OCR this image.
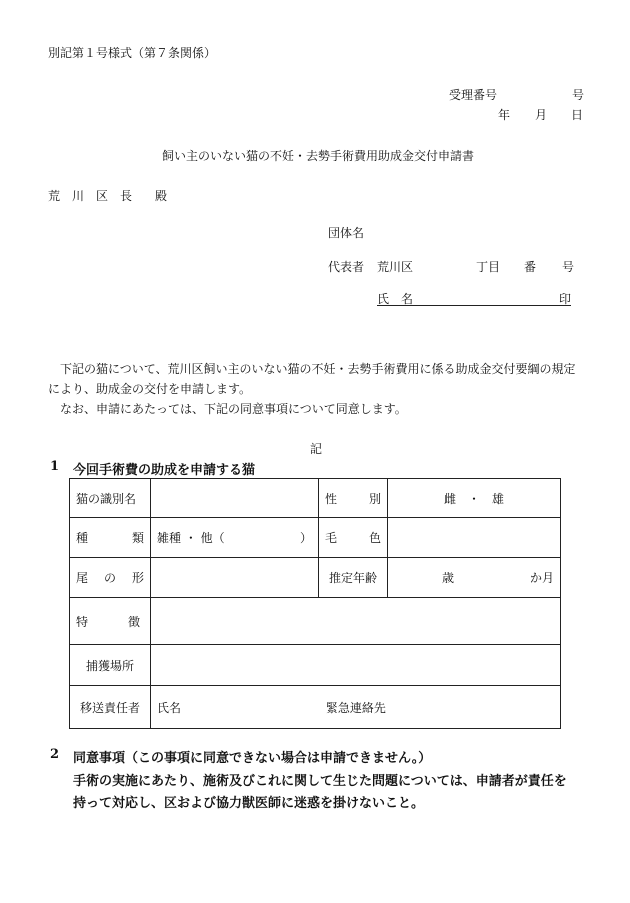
別記第１号様式（第７条関係）
受理番号	号
年 月 日
飼い主のいない猫の不妊・去勢手術費用助成金交付申請書
荒 川 区 長 殿
団体名
代表者 荒川区	丁目 番 号
氏　名	印
下記の猫について、荒川区飼い主のいない猫の不妊・去勢手術費用に係る助成金交付要綱の規定
により、助成金の交付を申請します。
なお、申請にあたっては、下記の同意事項について同意します。
記
1 今回手術費の助成を申請する猫
猫の識別名		性 別	雌　・　雄

種 類	雑種 ・ 他（ ）	毛 色	

尾 の 形		推定年齢	歳 か月

特 徴			

捕獲場所			
移送責任者	氏名 緊急連絡先		
2 同意事項（この事項に同意できない場合は申請できません。）
手術の実施にあたり、施術及びこれに関して生じた問題については、申請者が責任を
持って対応し、区および協力獣医師に迷惑を掛けないこと。
